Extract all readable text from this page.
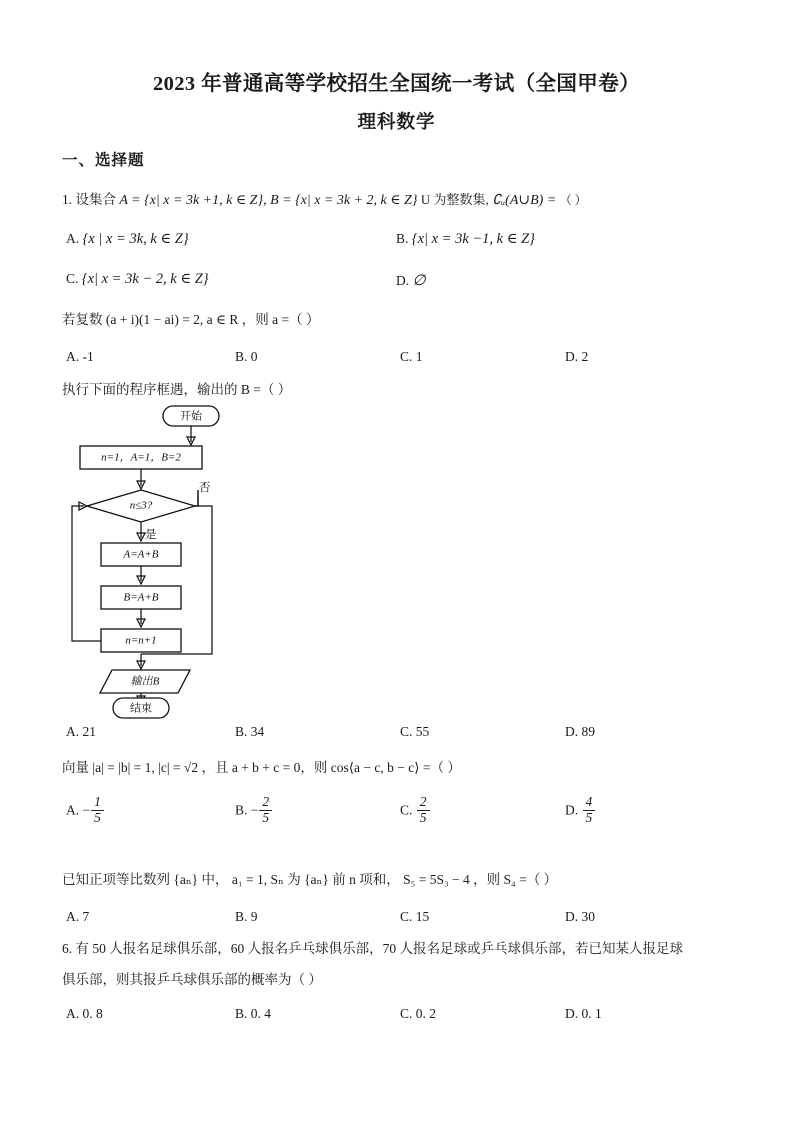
2023 年普通高等学校招生全国统一考试（全国甲卷）
理科数学
一、选择题
1. 设集合 A = {x| x = 3k +1, k ∈ Z}, B = {x| x = 3k + 2, k ∈ Z} U 为整数集, ∁ᵤ(A∪B) = （ ）
A. {x | x = 3k, k ∈ Z}	B. {x| x = 3k −1, k ∈ Z}
C. {x| x = 3k − 2, k ∈ Z}	D. ∅
若复数 (a + i)(1 − ai) = 2, a ∈ R ，则 a =（ ）
A. -1	B. 0	C. 1	D. 2
执行下面的程序框遇，输出的 B =（ ）
开始
n=1，A=1，B=2
n≤3?
否
是
A=A+B
B=A+B
n=n+1
输出B
结束
A. 21	B. 34	C. 55	D. 89
向量 |a| = |b| = 1, |c| = √2 ，且 a + b + c = 0，则 cos⟨a − c, b − c⟩ =（ ）
A. − $\frac{1}{5}$	B. − $\frac{2}{5}$	C. $\frac{2}{5}$	D. $\frac{4}{5}$
已知正项等比数列 {aₙ} 中， a₁ = 1, Sₙ 为 {aₙ} 前 n 项和， S₅ = 5S₃ − 4 ，则 S₄ =（ ）
A. 7	B. 9	C. 15	D. 30
6. 有 50 人报名足球俱乐部，60 人报名乒乓球俱乐部，70 人报名足球或乒乓球俱乐部，若已知某人报足球
俱乐部，则其报乒乓球俱乐部的概率为（ ）
A. 0. 8	B. 0. 4	C. 0. 2	D. 0. 1
